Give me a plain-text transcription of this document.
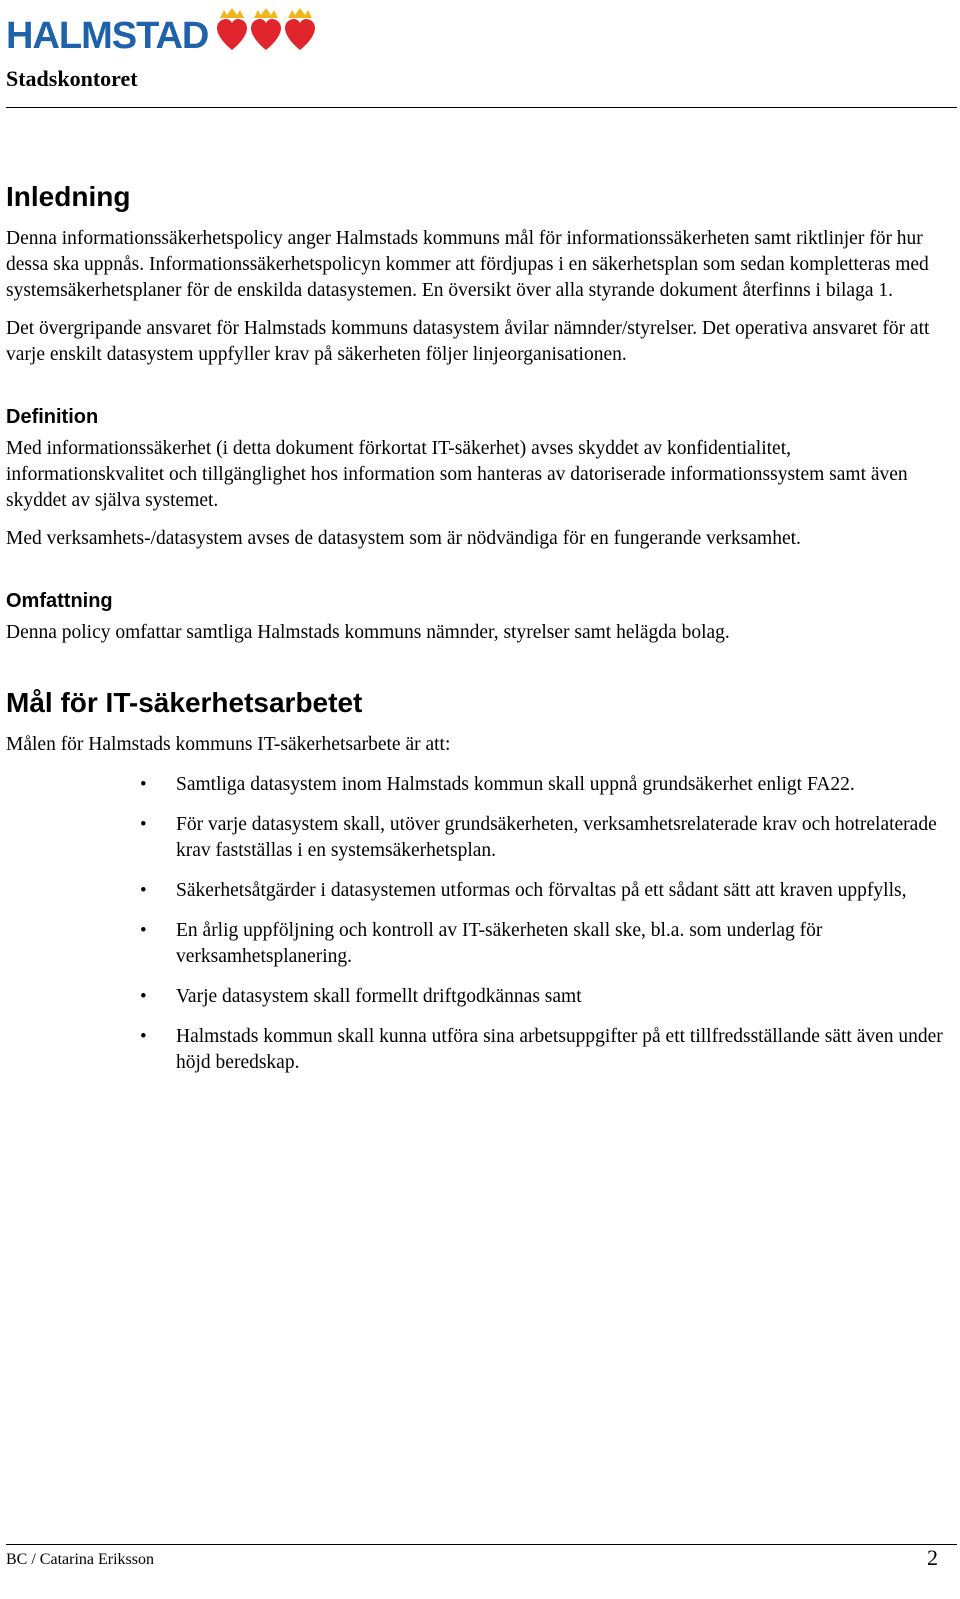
HALMSTAD
Stadskontoret
Inledning

Denna informationssäkerhetspolicy anger Halmstads kommuns mål för informationssäkerheten samt riktlinjer för hur dessa ska uppnås. Informationssäkerhetspolicyn kommer att fördjupas i en säkerhetsplan som sedan kompletteras med systemsäkerhetsplaner för de enskilda datasystemen. En översikt över alla styrande dokument återfinns i bilaga 1.

Det övergripande ansvaret för Halmstads kommuns datasystem åvilar nämnder/styrelser. Det operativa ansvaret för att varje enskilt datasystem uppfyller krav på säkerheten följer linjeorganisationen.

Definition

Med informationssäkerhet (i detta dokument förkortat IT-säkerhet) avses skyddet av konfidentialitet, informationskvalitet och tillgänglighet hos information som hanteras av datoriserade informationssystem samt även skyddet av själva systemet.

Med verksamhets-/datasystem avses de datasystem som är nödvändiga för en fungerande verksamhet.

Omfattning

Denna policy omfattar samtliga Halmstads kommuns nämnder, styrelser samt helägda bolag.

Mål för IT-säkerhetsarbetet

Målen för Halmstads kommuns IT-säkerhetsarbete är att:

• Samtliga datasystem inom Halmstads kommun skall uppnå grundsäkerhet enligt FA22.
• För varje datasystem skall, utöver grundsäkerheten, verksamhetsrelaterade krav och hotrelaterade krav fastställas i en systemsäkerhetsplan.
• Säkerhetsåtgärder i datasystemen utformas och förvaltas på ett sådant sätt att kraven uppfylls,
• En årlig uppföljning och kontroll av IT-säkerheten skall ske, bl.a. som underlag för verksamhetsplanering.
• Varje datasystem skall formellt driftgodkännas samt
• Halmstads kommun skall kunna utföra sina arbetsuppgifter på ett tillfredsställande sätt även under höjd beredskap.
BC / Catarina Eriksson	2
